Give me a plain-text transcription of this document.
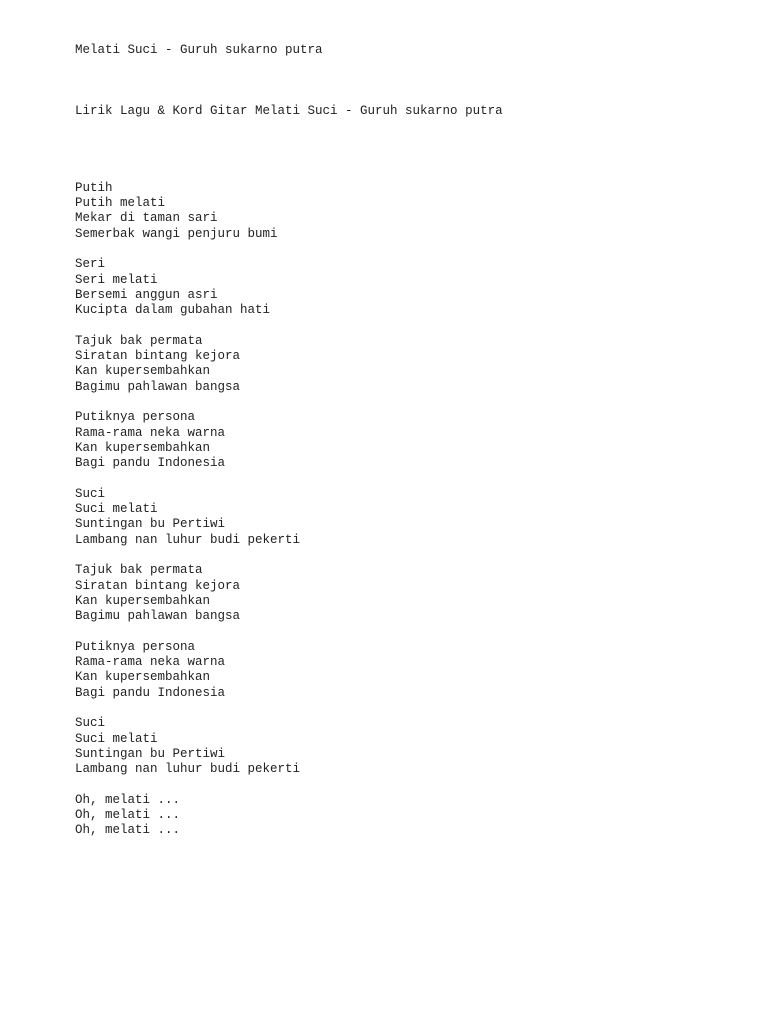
Melati Suci - Guruh sukarno putra

Lirik Lagu & Kord Gitar Melati Suci - Guruh sukarno putra

Putih
Putih melati
Mekar di taman sari
Semerbak wangi penjuru bumi
Seri
Seri melati
Bersemi anggun asri
Kucipta dalam gubahan hati
Tajuk bak permata
Siratan bintang kejora
Kan kupersembahkan
Bagimu pahlawan bangsa
Putiknya persona
Rama-rama neka warna
Kan kupersembahkan
Bagi pandu Indonesia
Suci
Suci melati
Suntingan bu Pertiwi
Lambang nan luhur budi pekerti
Tajuk bak permata
Siratan bintang kejora
Kan kupersembahkan
Bagimu pahlawan bangsa
Putiknya persona
Rama-rama neka warna
Kan kupersembahkan
Bagi pandu Indonesia
Suci
Suci melati
Suntingan bu Pertiwi
Lambang nan luhur budi pekerti
Oh, melati ...
Oh, melati ...
Oh, melati ...
